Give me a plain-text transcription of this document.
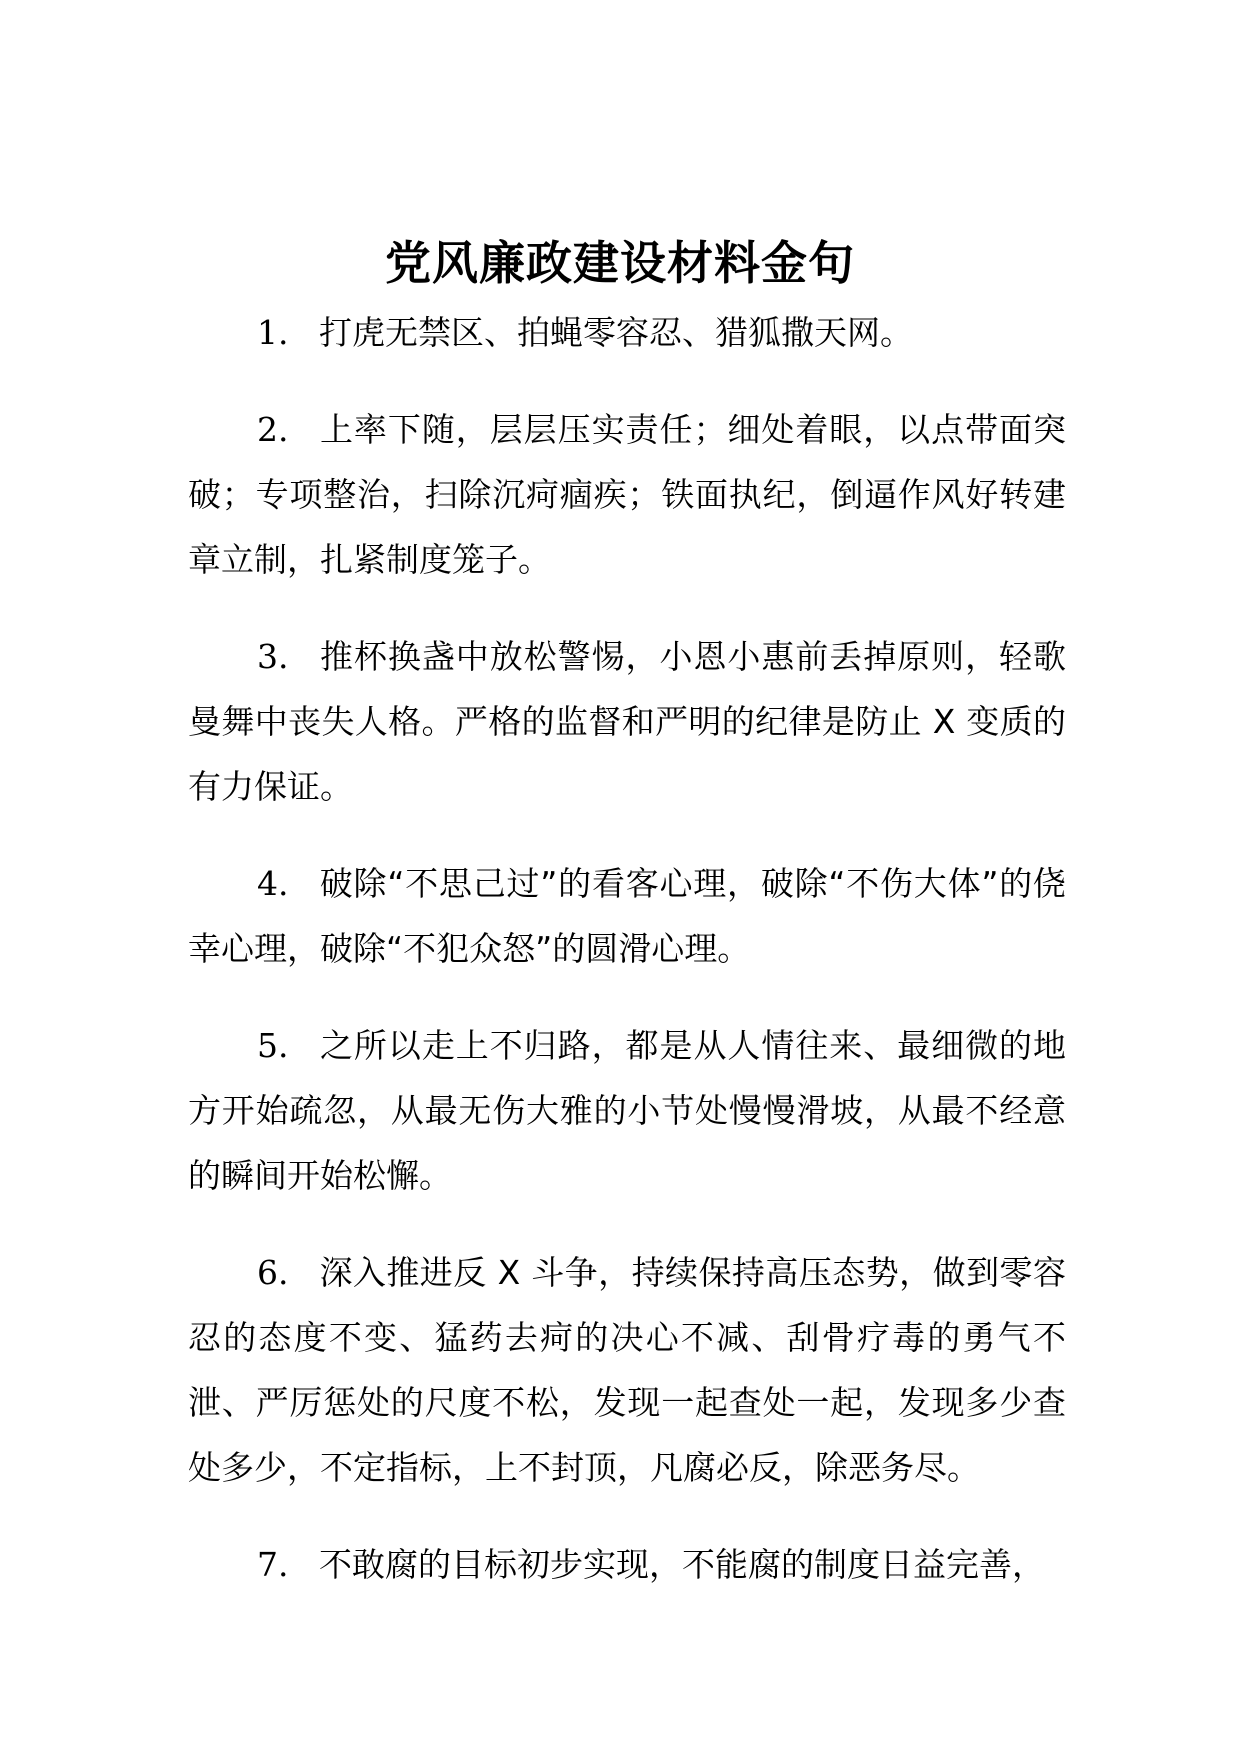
党风廉政建设材料金句

1. 打虎无禁区、拍蝇零容忍、猎狐撒天网。

2. 上率下随，层层压实责任；细处着眼，以点带面突破；专项整治，扫除沉疴痼疾；铁面执纪，倒逼作风好转建章立制，扎紧制度笼子。

3. 推杯换盏中放松警惕，小恩小惠前丢掉原则，轻歌曼舞中丧失人格。严格的监督和严明的纪律是防止 X 变质的有力保证。

4. 破除“不思己过”的看客心理，破除“不伤大体”的侥幸心理，破除“不犯众怒”的圆滑心理。

5. 之所以走上不归路，都是从人情往来、最细微的地方开始疏忽，从最无伤大雅的小节处慢慢滑坡，从最不经意的瞬间开始松懈。

6. 深入推进反 X 斗争，持续保持高压态势，做到零容忍的态度不变、猛药去疴的决心不减、刮骨疗毒的勇气不泄、严厉惩处的尺度不松，发现一起查处一起，发现多少查处多少，不定指标，上不封顶，凡腐必反，除恶务尽。

7. 不敢腐的目标初步实现，不能腐的制度日益完善，
